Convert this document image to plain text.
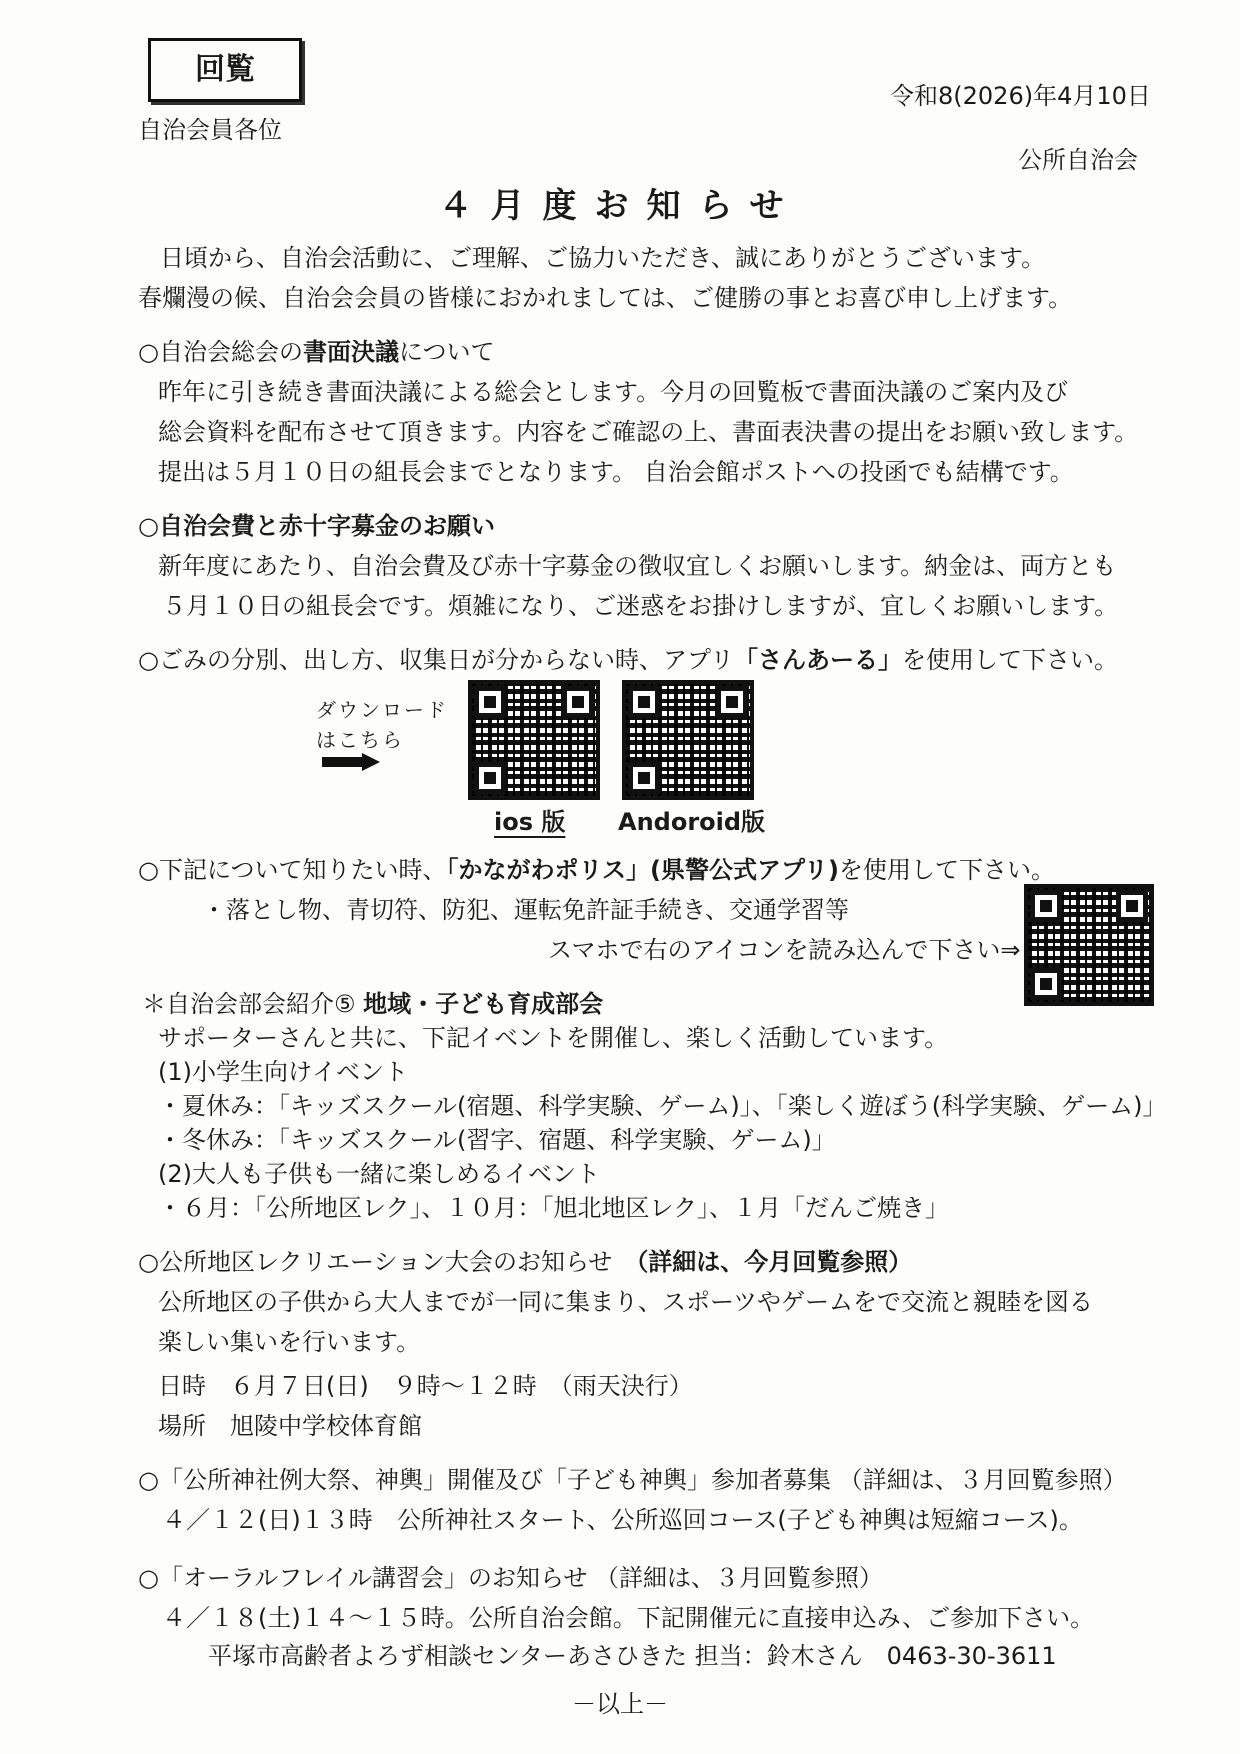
回覧
令和8(2026)年4月10日
自治会員各位
公所自治会
４月度お知らせ
日頃から、自治会活動に、ご理解、ご協力いただき、誠にありがとうございます。
春爛漫の候、自治会会員の皆様におかれましては、ご健勝の事とお喜び申し上げます。
○自治会総会の書面決議について
昨年に引き続き書面決議による総会とします。今月の回覧板で書面決議のご案内及び
総会資料を配布させて頂きます。内容をご確認の上、書面表決書の提出をお願い致します。
提出は５月１０日の組長会までとなります。 自治会館ポストへの投函でも結構です。
○自治会費と赤十字募金のお願い
新年度にあたり、自治会費及び赤十字募金の徴収宜しくお願いします。納金は、両方とも
５月１０日の組長会です。煩雑になり、ご迷惑をお掛けしますが、宜しくお願いします。
○ごみの分別、出し方、収集日が分からない時、アプリ「さんあーる」を使用して下さい。
ダウンロード
はこちら
ios 版 Andoroid版
○下記について知りたい時、「かながわポリス」(県警公式アプリ)を使用して下さい。
・落とし物、青切符、防犯、運転免許証手続き、交通学習等
スマホで右のアイコンを読み込んで下さい⇒
＊自治会部会紹介⑤ 地域・子ども育成部会
サポーターさんと共に、下記イベントを開催し、楽しく活動しています。
(1)小学生向けイベント
・夏休み：「キッズスクール(宿題、科学実験、ゲーム)」、「楽しく遊ぼう(科学実験、ゲーム)」
・冬休み：「キッズスクール(習字、宿題、科学実験、ゲーム)」
(2)大人も子供も一緒に楽しめるイベント
・６月：「公所地区レク」、１０月：「旭北地区レク」、１月「だんご焼き」
○公所地区レクリエーション大会のお知らせ　（詳細は、今月回覧参照）
公所地区の子供から大人までが一同に集まり、スポーツやゲームをで交流と親睦を図る
楽しい集いを行います。
日時　６月７日(日)　９時～１２時　（雨天決行）
場所　旭陵中学校体育館
○「公所神社例大祭、神輿」開催及び「子ども神輿」参加者募集 （詳細は、３月回覧参照）
４／１２(日)１３時　公所神社スタート、公所巡回コース(子ども神輿は短縮コース)。
○「オーラルフレイル講習会」のお知らせ （詳細は、３月回覧参照）
４／１８(土)１４～１５時。公所自治会館。下記開催元に直接申込み、ご参加下さい。
平塚市高齢者よろず相談センターあさひきた 担当：鈴木さん　0463-30-3611
－以上－
